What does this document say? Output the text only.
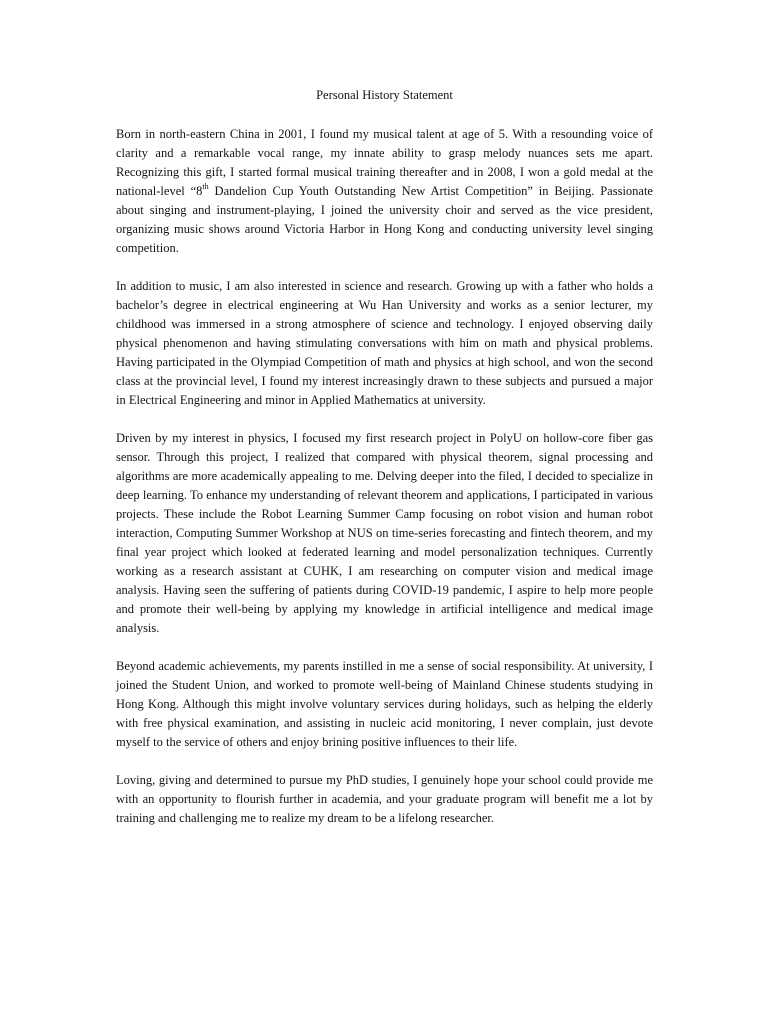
Personal History Statement

Born in north-eastern China in 2001, I found my musical talent at age of 5. With a resounding voice of clarity and a remarkable vocal range, my innate ability to grasp melody nuances sets me apart. Recognizing this gift, I started formal musical training thereafter and in 2008, I won a gold medal at the national-level “8th Dandelion Cup Youth Outstanding New Artist Competition” in Beijing. Passionate about singing and instrument-playing, I joined the university choir and served as the vice president, organizing music shows around Victoria Harbor in Hong Kong and conducting university level singing competition.

In addition to music, I am also interested in science and research. Growing up with a father who holds a bachelor’s degree in electrical engineering at Wu Han University and works as a senior lecturer, my childhood was immersed in a strong atmosphere of science and technology. I enjoyed observing daily physical phenomenon and having stimulating conversations with him on math and physical problems. Having participated in the Olympiad Competition of math and physics at high school, and won the second class at the provincial level, I found my interest increasingly drawn to these subjects and pursued a major in Electrical Engineering and minor in Applied Mathematics at university.

Driven by my interest in physics, I focused my first research project in PolyU on hollow-core fiber gas sensor. Through this project, I realized that compared with physical theorem, signal processing and algorithms are more academically appealing to me. Delving deeper into the filed, I decided to specialize in deep learning. To enhance my understanding of relevant theorem and applications, I participated in various projects. These include the Robot Learning Summer Camp focusing on robot vision and human robot interaction, Computing Summer Workshop at NUS on time-series forecasting and fintech theorem, and my final year project which looked at federated learning and model personalization techniques. Currently working as a research assistant at CUHK, I am researching on computer vision and medical image analysis. Having seen the suffering of patients during COVID-19 pandemic, I aspire to help more people and promote their well-being by applying my knowledge in artificial intelligence and medical image analysis.

Beyond academic achievements, my parents instilled in me a sense of social responsibility. At university, I joined the Student Union, and worked to promote well-being of Mainland Chinese students studying in Hong Kong. Although this might involve voluntary services during holidays, such as helping the elderly with free physical examination, and assisting in nucleic acid monitoring, I never complain, just devote myself to the service of others and enjoy brining positive influences to their life.

Loving, giving and determined to pursue my PhD studies, I genuinely hope your school could provide me with an opportunity to flourish further in academia, and your graduate program will benefit me a lot by training and challenging me to realize my dream to be a lifelong researcher.
